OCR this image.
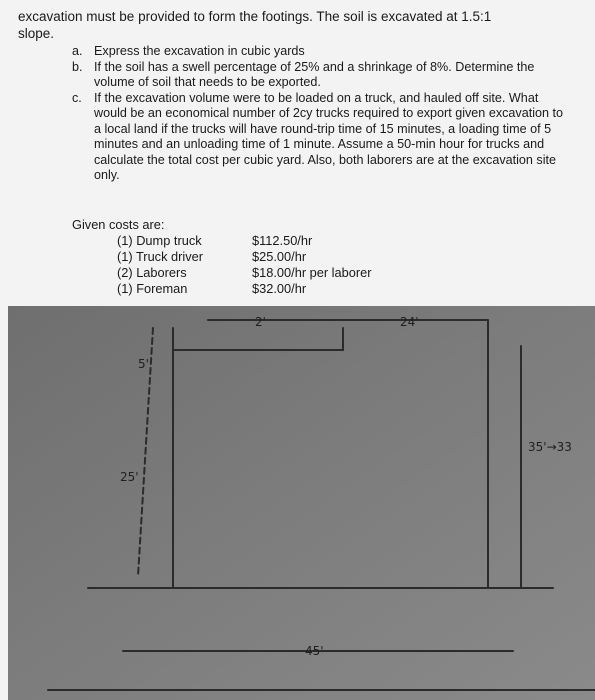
excavation must be provided to form the footings. The soil is excavated at 1.5:1
slope.
a. Express the excavation in cubic yards
b. If the soil has a swell percentage of 25% and a shrinkage of 8%. Determine the volume of soil that needs to be exported.
c. If the excavation volume were to be loaded on a truck, and hauled off site. What would be an economical number of 2cy trucks required to export given excavation to a local land if the trucks will have round-trip time of 15 minutes, a loading time of 5 minutes and an unloading time of 1 minute. Assume a 50-min hour for trucks and calculate the total cost per cubic yard. Also, both laborers are at the excavation site only.
Given costs are:
(1) Dump truck	$112.50/hr
(1) Truck driver	$25.00/hr
(2) Laborers	$18.00/hr per laborer
(1) Foreman	$32.00/hr
2'	24'
5'
25'
35'→33
45'
